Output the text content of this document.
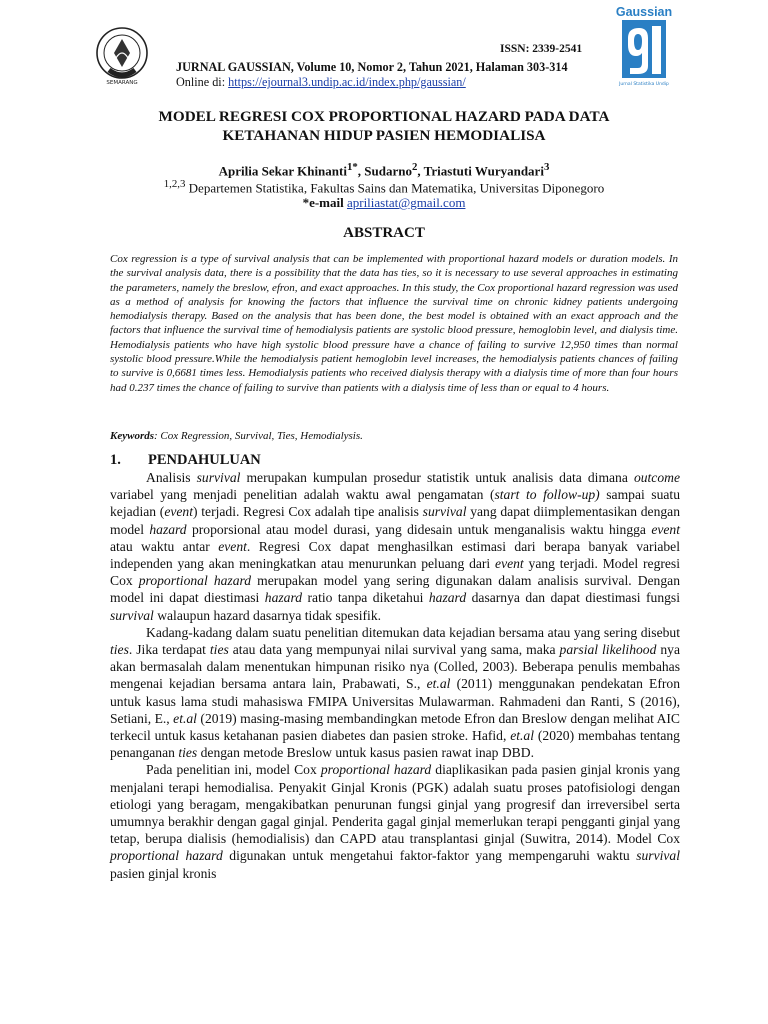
SEMARANG
ISSN: 2339-2541
JURNAL GAUSSIAN, Volume 10, Nomor 2, Tahun 2021, Halaman 303-314
Online di: https://ejournal3.undip.ac.id/index.php/gaussian/
Gaussian
Jurnal Statistika Undip
MODEL REGRESI COX PROPORTIONAL HAZARD PADA DATA
KETAHANAN HIDUP PASIEN HEMODIALISA
Aprilia Sekar Khinanti$^{1*}$, Sudarno$^2$, Triastuti Wuryandari$^3$
$^{1,2,3}$ Departemen Statistika, Fakultas Sains dan Matematika, Universitas Diponegoro
*e-mail apriliastat@gmail.com
ABSTRACT
Cox regression is a type of survival analysis that can be implemented with proportional hazard models or duration models. In the survival analysis data, there is a possibility that the data has ties, so it is necessary to use several approaches in estimating the parameters, namely the breslow, efron, and exact approaches. In this study, the Cox proportional hazard regression was used as a method of analysis for knowing the factors that influence the survival time on chronic kidney patients undergoing hemodialysis therapy. Based on the analysis that has been done, the best model is obtained with an exact approach and the factors that influence the survival time of hemodialysis patients are systolic blood pressure, hemoglobin level, and dialysis time. Hemodialysis patients who have high systolic blood pressure have a chance of failing to survive 12,950 times than normal systolic blood pressure.While the hemodialysis patient hemoglobin level increases, the hemodialysis patients chances of failing to survive is 0,6681 times less. Hemodialysis patients who received dialysis therapy with a dialysis time of more than four hours had 0.237 times the chance of failing to survive than patients with a dialysis time of less than or equal to 4 hours.
Keywords: Cox Regression, Survival, Ties, Hemodialysis.
1. PENDAHULUAN

Analisis survival merupakan kumpulan prosedur statistik untuk analisis data dimana outcome variabel yang menjadi penelitian adalah waktu awal pengamatan (start to follow-up) sampai suatu kejadian (event) terjadi. Regresi Cox adalah tipe analisis survival yang dapat diimplementasikan dengan model hazard proporsional atau model durasi, yang didesain untuk menganalisis waktu hingga event atau waktu antar event. Regresi Cox dapat menghasilkan estimasi dari berapa banyak variabel independen yang akan meningkatkan atau menurunkan peluang dari event yang terjadi. Model regresi Cox proportional hazard merupakan model yang sering digunakan dalam analisis survival. Dengan model ini dapat diestimasi hazard ratio tanpa diketahui hazard dasarnya dan dapat diestimasi fungsi survival walaupun hazard dasarnya tidak spesifik.

Kadang-kadang dalam suatu penelitian ditemukan data kejadian bersama atau yang sering disebut ties. Jika terdapat ties atau data yang mempunyai nilai survival yang sama, maka parsial likelihood nya akan bermasalah dalam menentukan himpunan risiko nya (Colled, 2003). Beberapa penulis membahas mengenai kejadian bersama antara lain, Prabawati, S., et.al (2011) menggunakan pendekatan Efron untuk kasus lama studi mahasiswa FMIPA Universitas Mulawarman. Rahmadeni dan Ranti, S (2016), Setiani, E., et.al (2019) masing-masing membandingkan metode Efron dan Breslow dengan melihat AIC terkecil untuk kasus ketahanan pasien diabetes dan pasien stroke. Hafid, et.al (2020) membahas tentang penanganan ties dengan metode Breslow untuk kasus pasien rawat inap DBD.

Pada penelitian ini, model Cox proportional hazard diaplikasikan pada pasien ginjal kronis yang menjalani terapi hemodialisa. Penyakit Ginjal Kronis (PGK) adalah suatu proses patofisiologi dengan etiologi yang beragam, mengakibatkan penurunan fungsi ginjal yang progresif dan irreversibel serta umumnya berakhir dengan gagal ginjal. Penderita gagal ginjal memerlukan terapi pengganti ginjal yang tetap, berupa dialisis (hemodialisis) dan CAPD atau transplantasi ginjal (Suwitra, 2014). Model Cox proportional hazard digunakan untuk mengetahui faktor-faktor yang mempengaruhi waktu survival pasien ginjal kronis
